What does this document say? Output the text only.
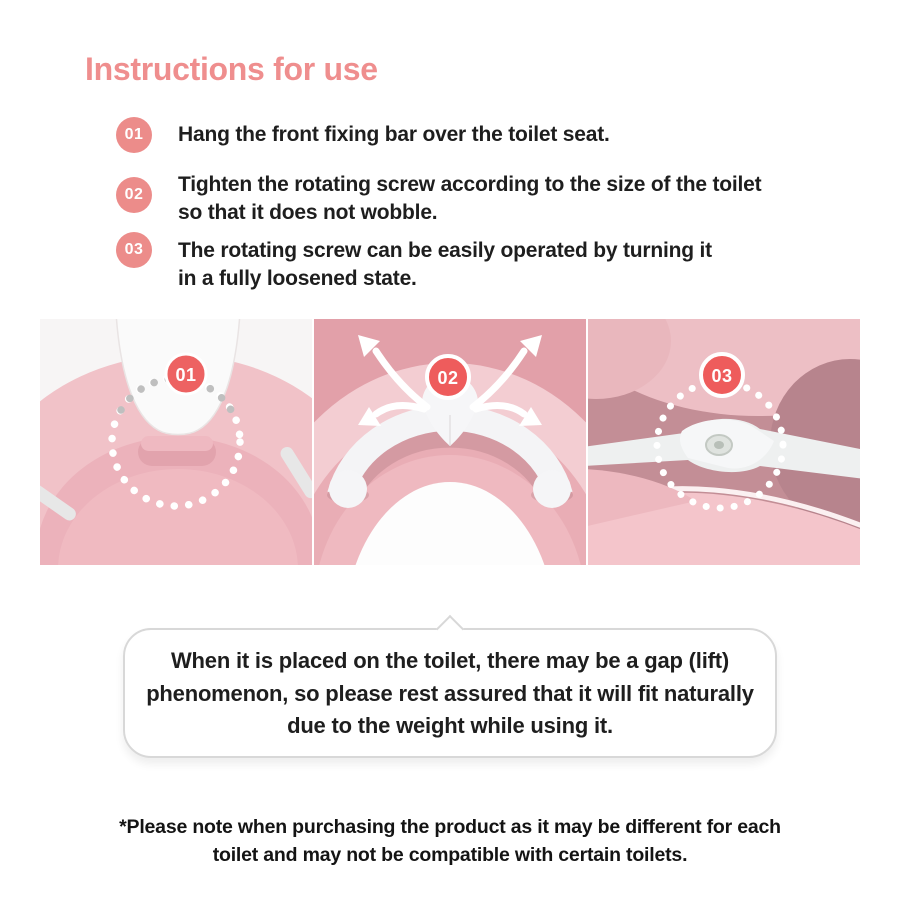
Instructions for use
01	Hang the front fixing bar over the toilet seat.
02	Tighten the rotating screw according to the size of the toilet
so that it does not wobble.
03	The rotating screw can be easily operated by turning it
in a fully loosened state.
01	02	03
When it is placed on the toilet, there may be a gap (lift)
phenomenon, so please rest assured that it will fit naturally
due to the weight while using it.
*Please note when purchasing the product as it may be different for each
toilet and may not be compatible with certain toilets.
